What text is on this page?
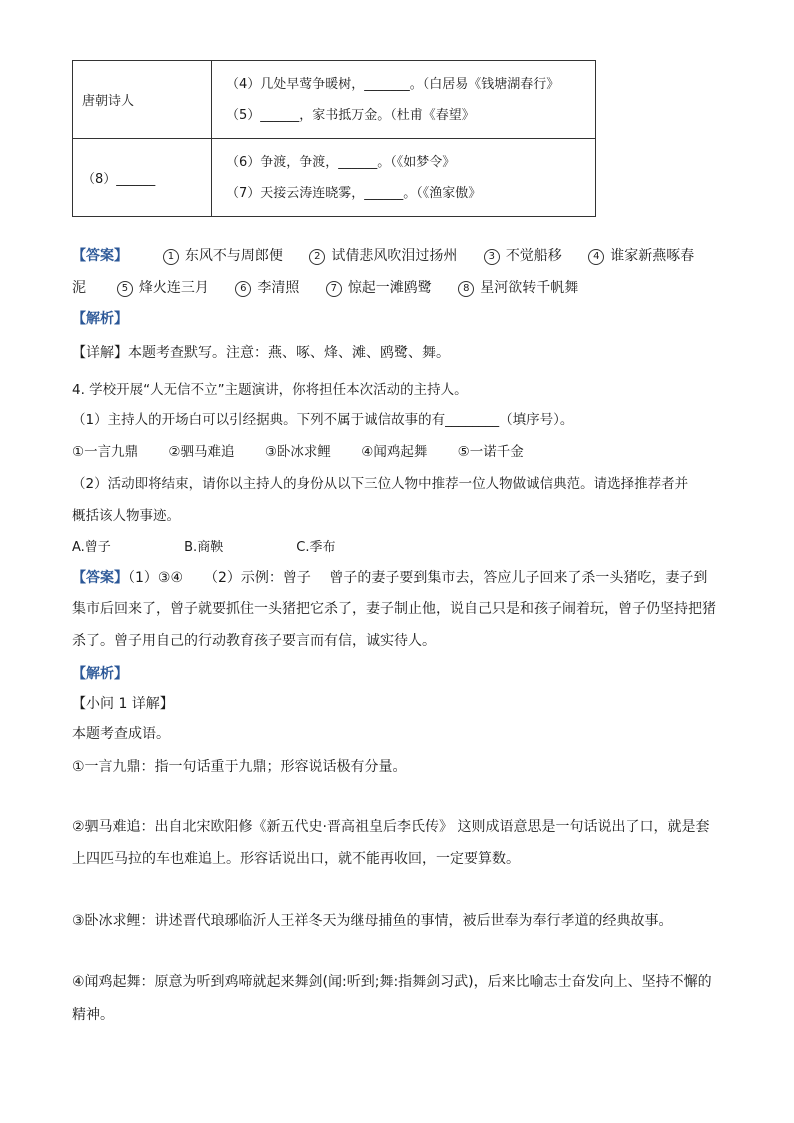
唐朝诗人	（4）几处早莺争暖树，_______。（白居易《钱塘湖春行》
（5）______，家书抵万金。（杜甫《春望》

（8）______	（6）争渡，争渡，______。（《如梦令》
（7）天接云涛连晓雾，______。（《渔家傲》
【答案】	1 东风不与周郎便	2 试倩悲风吹泪过扬州	3 不觉船移	4 谁家新燕啄春
泥	5 烽火连三月	6 李清照	7 惊起一滩鸥鹭	8 星河欲转千帆舞
【解析】
【详解】本题考查默写。注意：燕、啄、烽、滩、鸥鹭、舞。
4. 学校开展“人无信不立”主题演讲，你将担任本次活动的主持人。
（1）主持人的开场白可以引经据典。下列不属于诚信故事的有________（填序号）。
①一言九鼎 ②驷马难追 ③卧冰求鲤 ④闻鸡起舞 ⑤一诺千金
（2）活动即将结束，请你以主持人的身份从以下三位人物中推荐一位人物做诚信典范。请选择推荐者并
概括该人物事迹。
A.曾子	B.商鞅	C.季布
【答案】（1）③④　　（2）示例：曾子　 曾子的妻子要到集市去，答应儿子回来了杀一头猪吃，妻子到
集市后回来了，曾子就要抓住一头猪把它杀了，妻子制止他，说自己只是和孩子闹着玩，曾子仍坚持把猪
杀了。曾子用自己的行动教育孩子要言而有信，诚实待人。
【解析】
【小问 1 详解】
本题考查成语。
①一言九鼎：指一句话重于九鼎；形容说话极有分量。
②驷马难追：出自北宋欧阳修《新五代史·晋高祖皇后李氏传》 这则成语意思是一句话说出了口，就是套
上四匹马拉的车也难追上。形容话说出口，就不能再收回，一定要算数。
③卧冰求鲤：讲述晋代琅琊临沂人王祥冬天为继母捕鱼的事情，被后世奉为奉行孝道的经典故事。
④闻鸡起舞：原意为听到鸡啼就起来舞剑(闻:听到;舞:指舞剑习武)，后来比喻志士奋发向上、坚持不懈的
精神。
